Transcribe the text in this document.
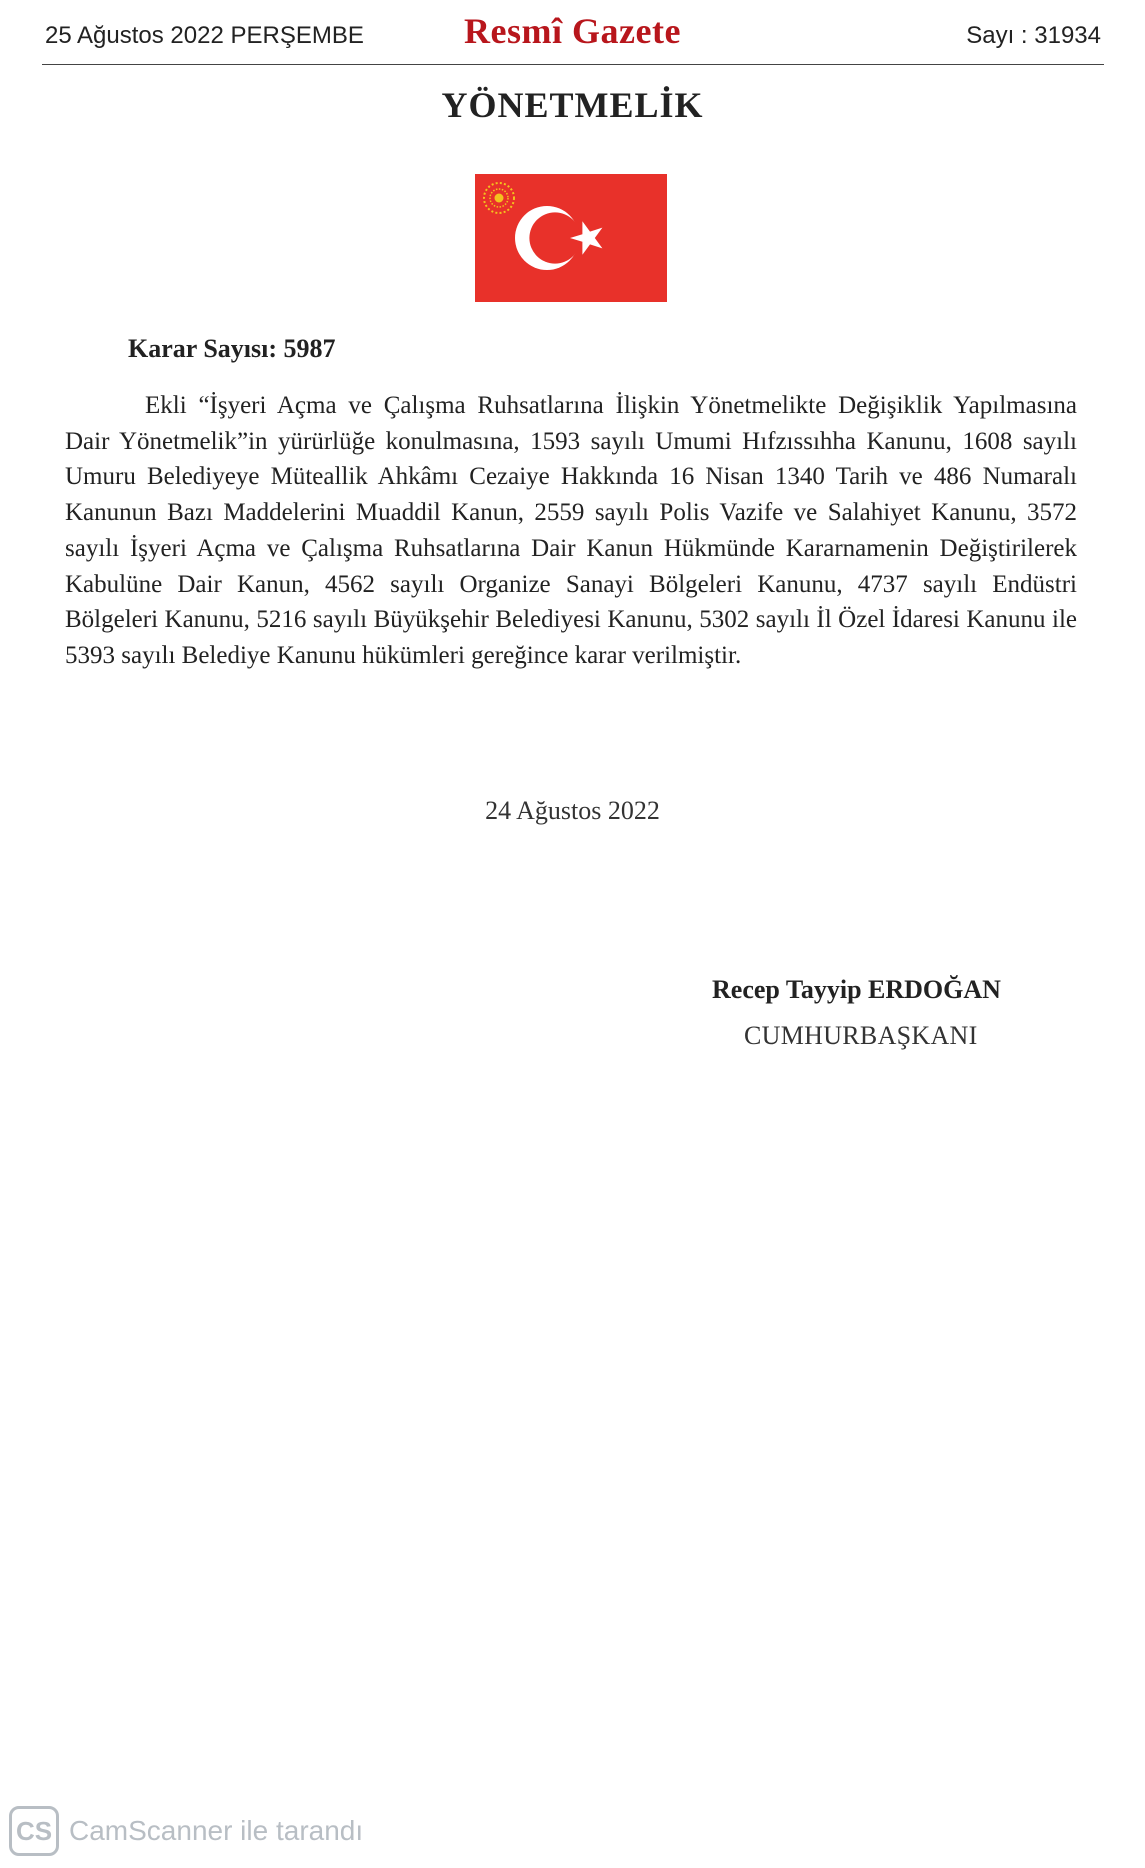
25 Ağustos 2022 PERŞEMBE	Resmî Gazete	Sayı : 31934
YÖNETMELİK
Karar Sayısı: 5987
Ekli “İşyeri Açma ve Çalışma Ruhsatlarına İlişkin Yönetmelikte Değişiklik Yapılmasına Dair Yönetmelik”in yürürlüğe konulmasına, 1593 sayılı Umumi Hıfzıssıhha Kanunu, 1608 sayılı Umuru Belediyeye Müteallik Ahkâmı Cezaiye Hakkında 16 Nisan 1340 Tarih ve 486 Numaralı Kanunun Bazı Maddelerini Muaddil Kanun, 2559 sayılı Polis Vazife ve Salahiyet Kanunu, 3572 sayılı İşyeri Açma ve Çalışma Ruhsatlarına Dair Kanun Hükmünde Kararnamenin Değiştirilerek Kabulüne Dair Kanun, 4562 sayılı Organize Sanayi Bölgeleri Kanunu, 4737 sayılı Endüstri Bölgeleri Kanunu, 5216 sayılı Büyükşehir Belediyesi Kanunu, 5302 sayılı İl Özel İdaresi Kanunu ile 5393 sayılı Belediye Kanunu hükümleri gereğince karar verilmiştir.
24 Ağustos 2022
Recep Tayyip ERDOĞAN
CUMHURBAŞKANI
CS CamScanner ile tarandı
